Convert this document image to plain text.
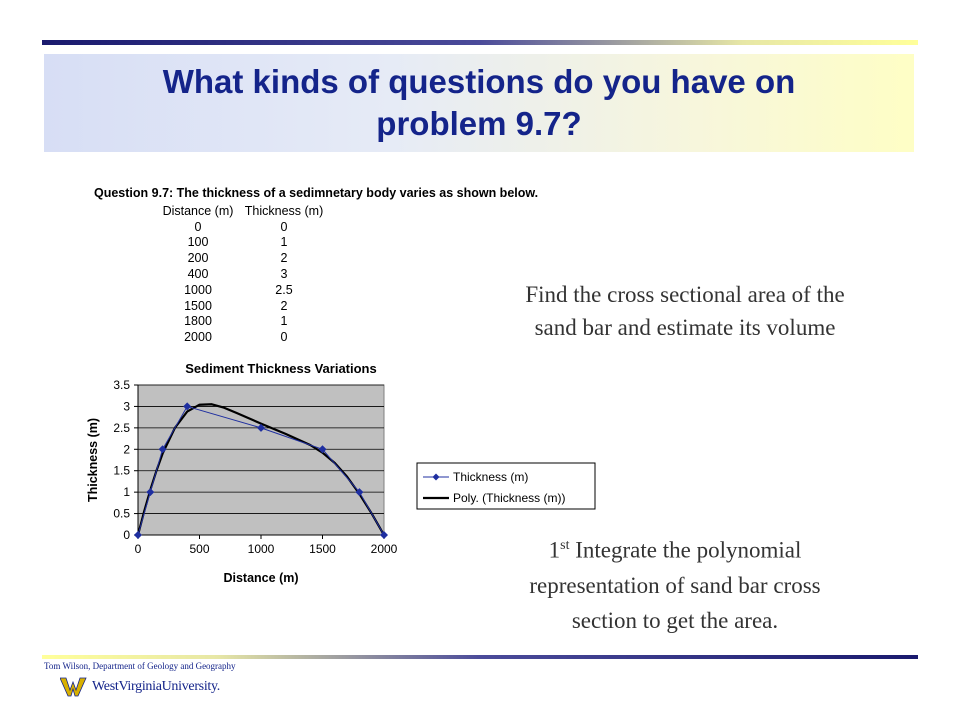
What kinds of questions do you have on problem 9.7?
Question 9.7: The thickness of a sedimnetary body varies as shown below.
Distance (m)	Thickness (m)
0	0
100	1
200	2
400	3
1000	2.5
1500	2
1800	1
2000	0
Find the cross sectional area of the sand bar and estimate its volume
1st Integrate the polynomial representation of sand bar cross section to get the area.
0
0.5
1
1.5
2
2.5
3
3.5
0	500	1000	1500	2000
Sediment Thickness Variations
Distance (m)
Thickness (m)	Thickness (m)
Poly. (Thickness (m))
Tom Wilson, Department of Geology and Geography
WestVirginiaUniversity.
